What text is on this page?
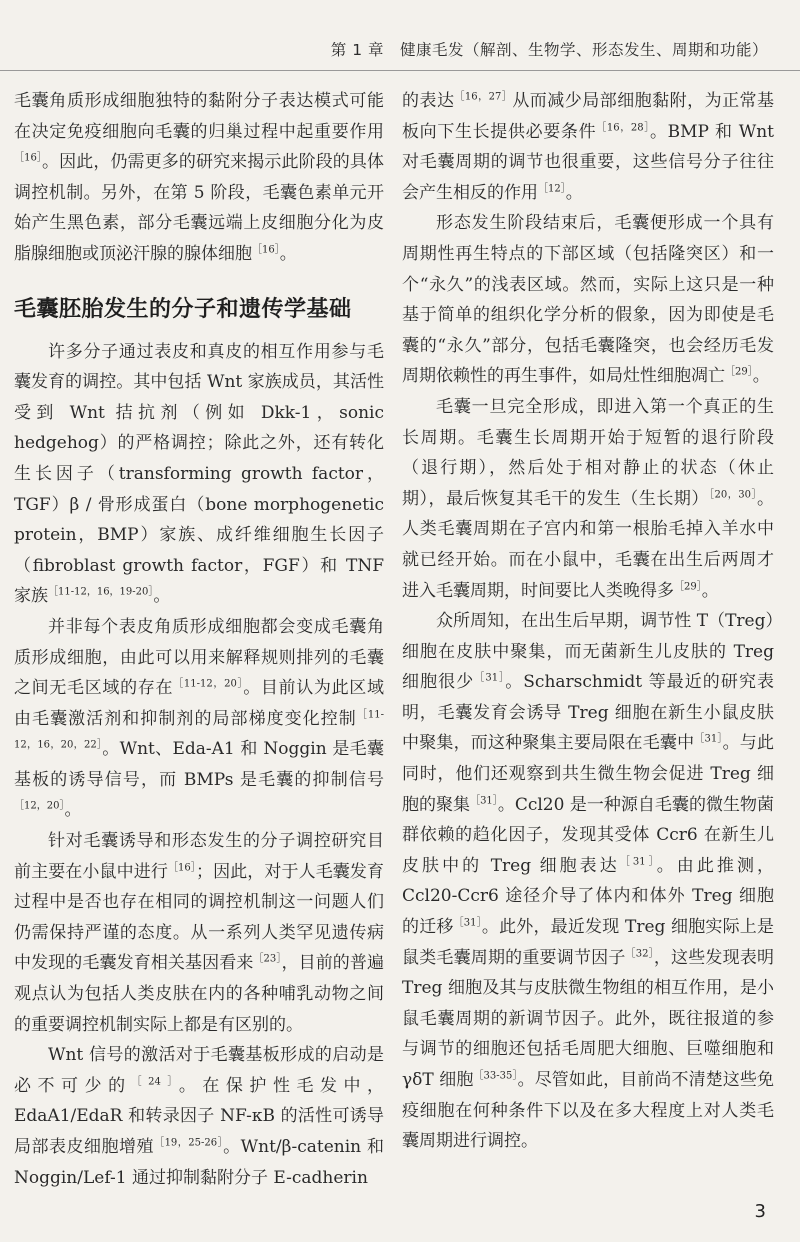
第 1 章　健康毛发（解剖、生物学、形态发生、周期和功能）

毛囊角质形成细胞独特的黏附分子表达模式可能在决定免疫细胞向毛囊的归巢过程中起重要作用$^{[16]}$。因此，仍需更多的研究来揭示此阶段的具体调控机制。另外，在第 5 阶段，毛囊色素单元开始产生黑色素，部分毛囊远端上皮细胞分化为皮脂腺细胞或顶泌汗腺的腺体细胞$^{[16]}$。

毛囊胚胎发生的分子和遗传学基础

许多分子通过表皮和真皮的相互作用参与毛囊发育的调控。其中包括 Wnt 家族成员，其活性受到 Wnt 拮抗剂（例如 Dkk-1，sonic hedgehog）的严格调控；除此之外，还有转化生长因子（transforming growth factor，TGF）β / 骨形成蛋白（bone morphogenetic protein，BMP）家族、成纤维细胞生长因子（fibroblast growth factor，FGF）和 TNF 家族$^{[11-12,16,19-20]}$。

并非每个表皮角质形成细胞都会变成毛囊角质形成细胞，由此可以用来解释规则排列的毛囊之间无毛区域的存在$^{[11-12,20]}$。目前认为此区域由毛囊激活剂和抑制剂的局部梯度变化控制$^{[11-12,16,20,22]}$。Wnt、Eda-A1 和 Noggin 是毛囊基板的诱导信号，而 BMPs 是毛囊的抑制信号$^{[12,20]}$。

针对毛囊诱导和形态发生的分子调控研究目前主要在小鼠中进行$^{[16]}$；因此，对于人毛囊发育过程中是否也存在相同的调控机制这一问题人们仍需保持严谨的态度。从一系列人类罕见遗传病中发现的毛囊发育相关基因看来$^{[23]}$，目前的普遍观点认为包括人类皮肤在内的各种哺乳动物之间的重要调控机制实际上都是有区别的。

Wnt 信号的激活对于毛囊基板形成的启动是必不可少的$^{[24]}$。在保护性毛发中，EdaA1/EdaR 和转录因子 NF-κB 的活性可诱导局部表皮细胞增殖$^{[19,25-26]}$。Wnt/β-catenin 和 Noggin/Lef-1 通过抑制黏附分子 E-cadherin

的表达$^{[16,27]}$从而减少局部细胞黏附，为正常基板向下生长提供必要条件$^{[16,28]}$。BMP 和 Wnt 对毛囊周期的调节也很重要，这些信号分子往往会产生相反的作用$^{[12]}$。

形态发生阶段结束后，毛囊便形成一个具有周期性再生特点的下部区域（包括隆突区）和一个“永久”的浅表区域。然而，实际上这只是一种基于简单的组织化学分析的假象，因为即使是毛囊的“永久”部分，包括毛囊隆突，也会经历毛发周期依赖性的再生事件，如局灶性细胞凋亡$^{[29]}$。

毛囊一旦完全形成，即进入第一个真正的生长周期。毛囊生长周期开始于短暂的退行阶段（退行期），然后处于相对静止的状态（休止期），最后恢复其毛干的发生（生长期）$^{[20,30]}$。人类毛囊周期在子宫内和第一根胎毛掉入羊水中就已经开始。而在小鼠中，毛囊在出生后两周才进入毛囊周期，时间要比人类晚得多$^{[29]}$。

众所周知，在出生后早期，调节性 T（Treg）细胞在皮肤中聚集，而无菌新生儿皮肤的 Treg 细胞很少$^{[31]}$。Scharschmidt 等最近的研究表明，毛囊发育会诱导 Treg 细胞在新生小鼠皮肤中聚集，而这种聚集主要局限在毛囊中$^{[31]}$。与此同时，他们还观察到共生微生物会促进 Treg 细胞的聚集$^{[31]}$。Ccl20 是一种源自毛囊的微生物菌群依赖的趋化因子，发现其受体 Ccr6 在新生儿皮肤中的 Treg 细胞表达$^{[31]}$。由此推测，Ccl20-Ccr6 途径介导了体内和体外 Treg 细胞的迁移$^{[31]}$。此外，最近发现 Treg 细胞实际上是鼠类毛囊周期的重要调节因子$^{[32]}$，这些发现表明 Treg 细胞及其与皮肤微生物组的相互作用，是小鼠毛囊周期的新调节因子。此外，既往报道的参与调节的细胞还包括毛周肥大细胞、巨噬细胞和 γδT 细胞$^{[33-35]}$。尽管如此，目前尚不清楚这些免疫细胞在何种条件下以及在多大程度上对人类毛囊周期进行调控。

3
